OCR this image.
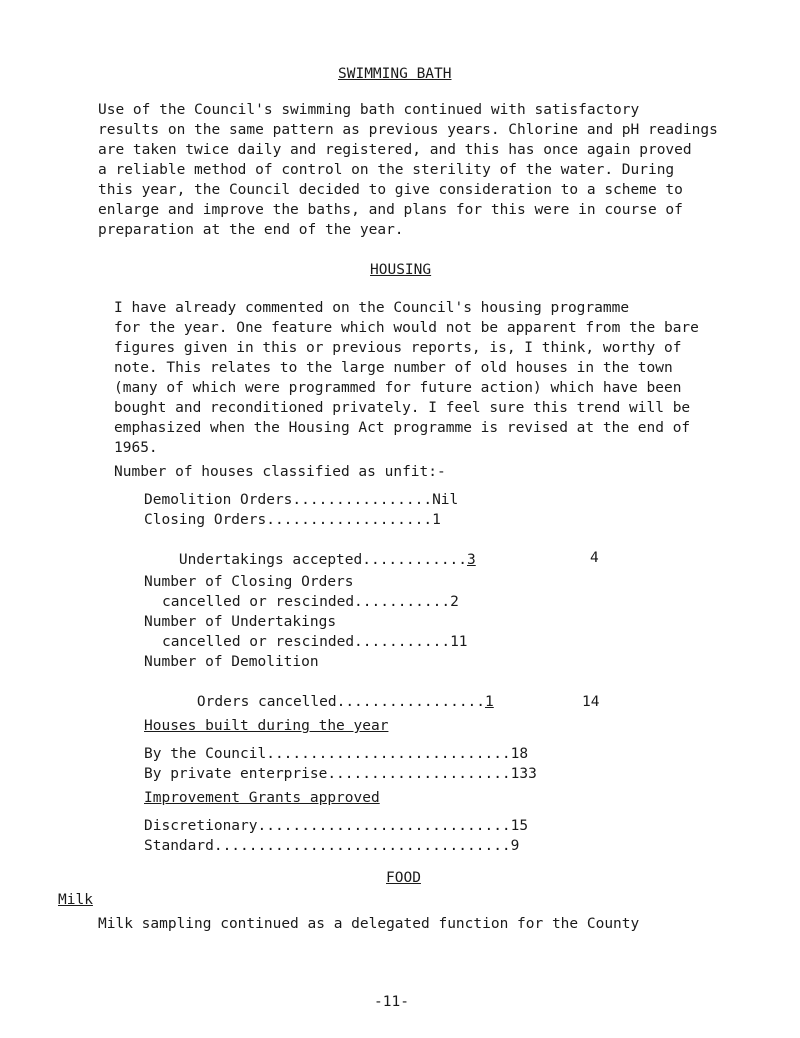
SWIMMING BATH
Use of the Council's swimming bath continued with satisfactory
results on the same pattern as previous years. Chlorine and pH readings
are taken twice daily and registered, and this has once again proved
a reliable method of control on the sterility of the water. During
this year, the Council decided to give consideration to a scheme to
enlarge and improve the baths, and plans for this were in course of
preparation at the end of the year.
HOUSING
I have already commented on the Council's housing programme
for the year. One feature which would not be apparent from the bare
figures given in this or previous reports, is, I think, worthy of
note. This relates to the large number of old houses in the town
(many of which were programmed for future action) which have been
bought and reconditioned privately. I feel sure this trend will be
emphasized when the Housing Act programme is revised at the end of
1965.
Number of houses classified as unfit:-
Demolition Orders................Nil
Closing Orders...................1

Undertakings accepted............3
	4
Number of Closing Orders
cancelled or rescinded...........2
Number of Undertakings
cancelled or rescinded...........11
Number of Demolition

Orders cancelled.................1
	14
Houses built during the year
By the Council............................18
By private enterprise.....................133
Improvement Grants approved
Discretionary.............................15
Standard..................................9
FOOD
Milk
Milk sampling continued as a delegated function for the County
-11-
